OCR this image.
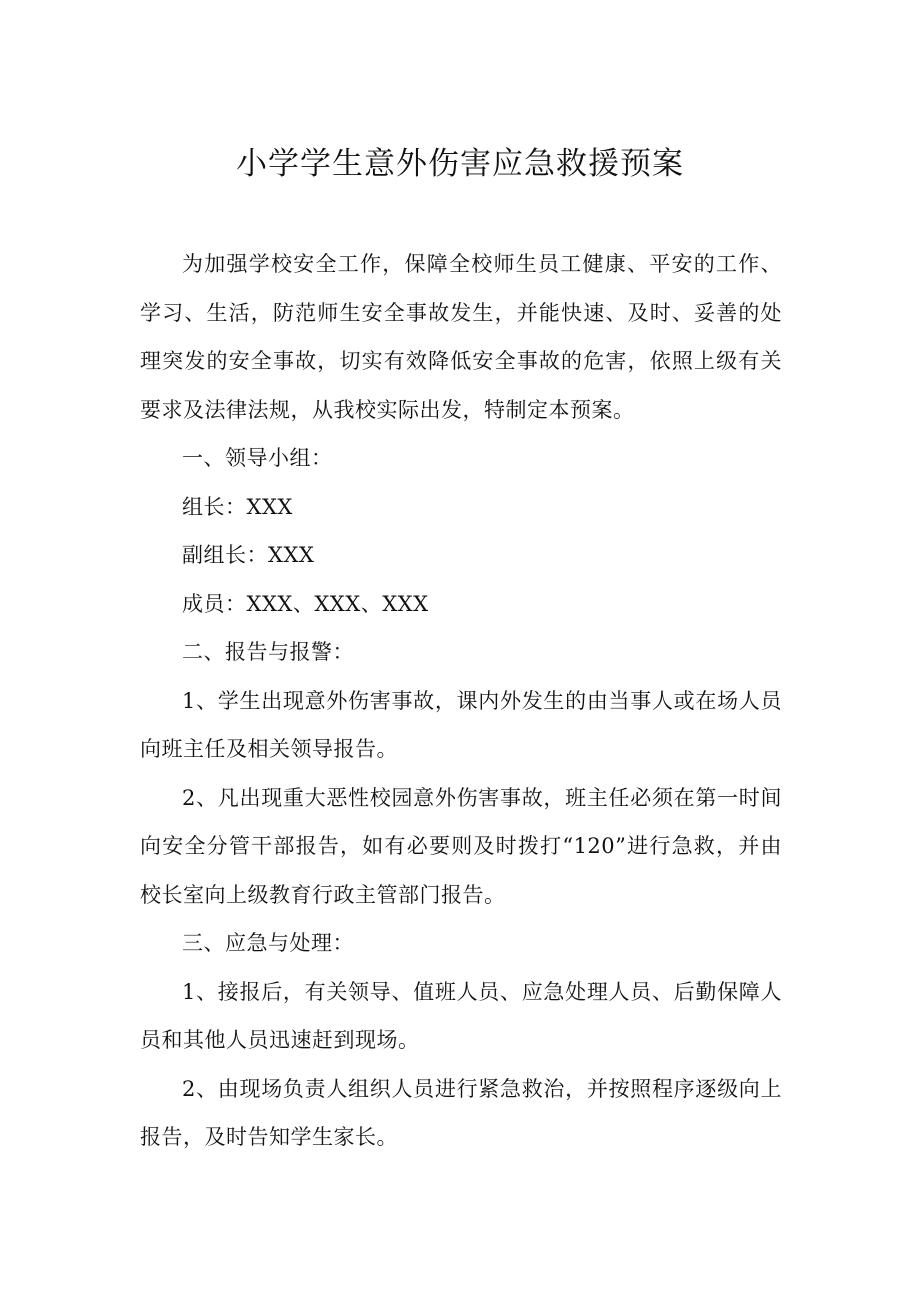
小学学生意外伤害应急救援预案

为加强学校安全工作，保障全校师生员工健康、平安的工作、学习、生活，防范师生安全事故发生，并能快速、及时、妥善的处理突发的安全事故，切实有效降低安全事故的危害，依照上级有关要求及法律法规，从我校实际出发，特制定本预案。

一、领导小组：

组长：XXX

副组长：XXX

成员：XXX、XXX、XXX

二、报告与报警：

1、学生出现意外伤害事故，课内外发生的由当事人或在场人员向班主任及相关领导报告。

2、凡出现重大恶性校园意外伤害事故，班主任必须在第一时间向安全分管干部报告，如有必要则及时拨打“120”进行急救，并由校长室向上级教育行政主管部门报告。

三、应急与处理：

1、接报后，有关领导、值班人员、应急处理人员、后勤保障人员和其他人员迅速赶到现场。

2、由现场负责人组织人员进行紧急救治，并按照程序逐级向上报告，及时告知学生家长。
